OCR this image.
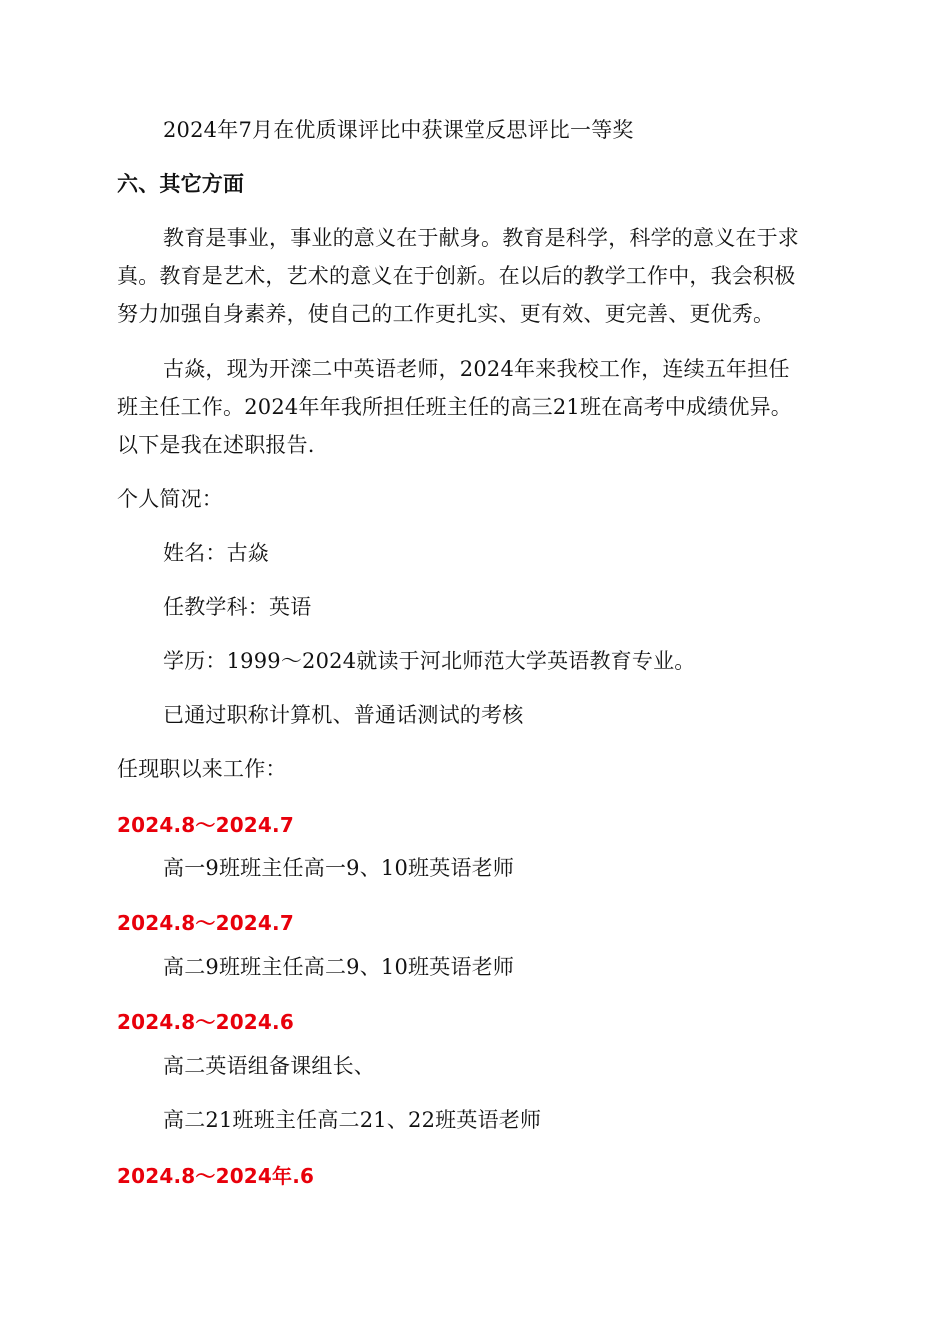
2024年7月在优质课评比中获课堂反思评比一等奖
六、其它方面
教育是事业，事业的意义在于献身。教育是科学，科学的意义在于求
真。教育是艺术，艺术的意义在于创新。在以后的教学工作中，我会积极
努力加强自身素养，使自己的工作更扎实、更有效、更完善、更优秀。
古焱，现为开滦二中英语老师，2024年来我校工作，连续五年担任
班主任工作。2024年年我所担任班主任的高三21班在高考中成绩优异。
以下是我在述职报告.
个人简况：
姓名：古焱
任教学科：英语
学历：1999～2024就读于河北师范大学英语教育专业。
已通过职称计算机、普通话测试的考核
任现职以来工作：
2024.8～2024.7
高一9班班主任高一9、10班英语老师
2024.8～2024.7
高二9班班主任高二9、10班英语老师
2024.8～2024.6
高二英语组备课组长、
高二21班班主任高二21、22班英语老师
2024.8～2024年.6
